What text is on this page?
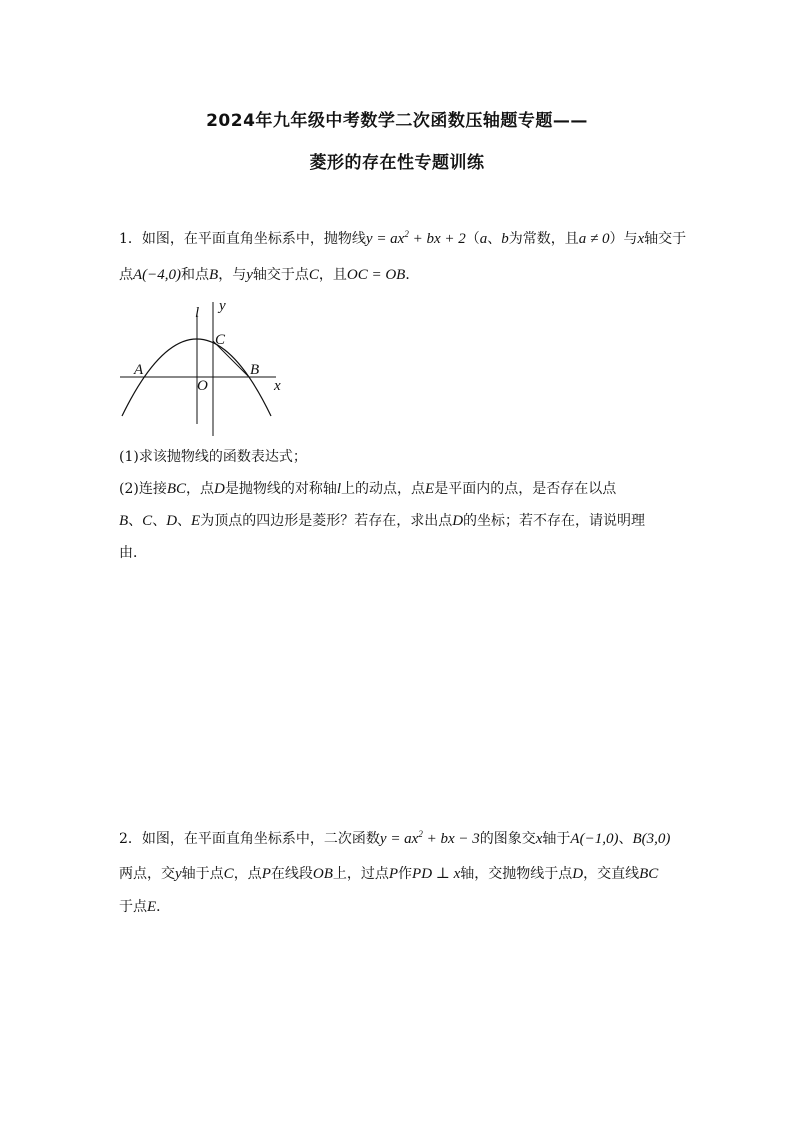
2024年九年级中考数学二次函数压轴题专题——
菱形的存在性专题训练
1．如图，在平面直角坐标系中，抛物线$y = ax^2$ + bx + 2（a、b为常数，且a ≠ 0）与x轴交于
点A(−4,0)和点B，与y轴交于点C，且OC = OB．
l y
C
A	B
O	x
(1)求该抛物线的函数表达式；
(2)连接BC，点D是抛物线的对称轴l上的动点，点E是平面内的点，是否存在以点
B、C、D、E为顶点的四边形是菱形？若存在，求出点D的坐标；若不存在，请说明理
由．
2．如图，在平面直角坐标系中，二次函数$y = ax^2$ + bx − 3的图象交x轴于A(−1,0)、B(3,0)
两点，交y轴于点C，点P在线段OB上，过点P作PD ⊥ x轴，交抛物线于点D，交直线BC
于点E．
